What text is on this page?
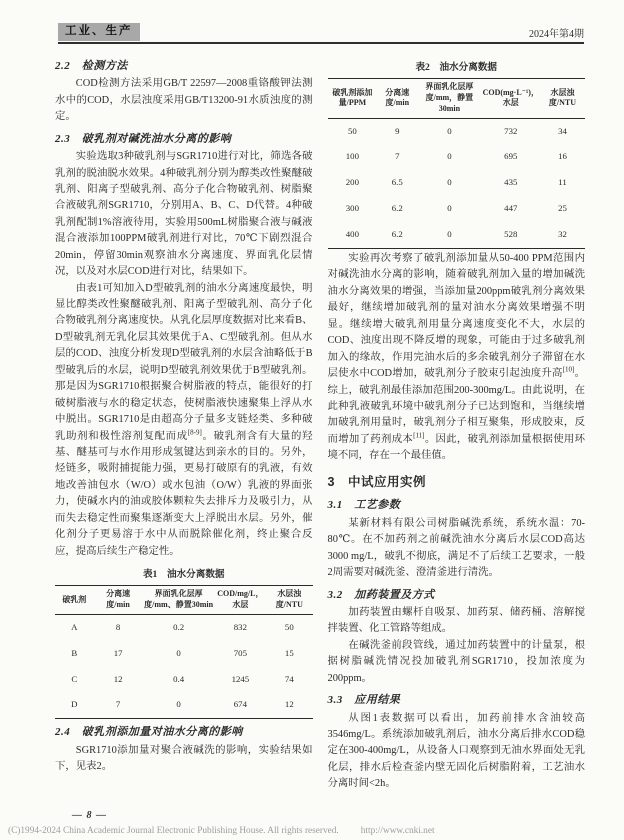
工业、生产	2024年第4期
2.2　检测方法

COD检测方法采用GB/T 22597—2008重铬酸钾法测水中的COD，水层浊度采用GB/T13200-91水质浊度的测定。

2.3　破乳剂对碱洗油水分离的影响

实验选取3种破乳剂与SGR1710进行对比，筛选各破乳剂的脱油脱水效果。4种破乳剂分别为醇类改性聚醚破乳剂、阳离子型破乳剂、高分子化合物破乳剂、树脂聚合液破乳剂SGR1710，分别用A、B、C、D代替。4种破乳剂配制1%溶液待用，实验用500mL树脂聚合液与碱液混合液添加100PPM破乳剂进行对比，70℃下剧烈混合20min，停留30min观察油水分离速度、界面乳化层情况，以及对水层COD进行对比，结果如下。

由表1可知加入D型破乳剂的油水分离速度最快，明显比醇类改性聚醚破乳剂、阳离子型破乳剂、高分子化合物破乳剂分离速度快。从乳化层厚度数据对比来看B、D型破乳剂无乳化层其效果优于A、C型破乳剂。但从水层的COD、浊度分析发现D型破乳剂的水层含油略低于B型破乳后的水层，说明D型破乳剂效果优于B型破乳剂。那是因为SGR1710根据聚合树脂液的特点，能很好的打破树脂液与水的稳定状态，使树脂液快速聚集上浮从水中脱出。SGR1710是由超高分子量多支链烃类、多种破乳助剂和极性溶剂复配而成[8-9]。破乳剂含有大量的羟基、醚基可与水作用形成氢键达到亲水的目的。另外，烃链多，吸附捕捉能力强，更易打破原有的乳液，有效地改善油包水（W/O）或水包油（O/W）乳液的界面张力，使碱水内的油或胶体颗粒失去排斥力及吸引力，从而失去稳定性而聚集逐渐变大上浮脱出水层。另外，催化剂分子更易溶于水中从而脱除催化剂，终止聚合反应，提高后续生产稳定性。

表1　油水分离数据
破乳剂	分离速度/min	界面乳化层厚度/mm、静置30min	COD/mg/L，水层	水层浊度/NTU
A	8	0.2	832	50
B	17	0	705	15
C	12	0.4	1245	74
D	7	0	674	12
2.4　破乳剂添加量对油水分离的影响

SGR1710添加量对聚合液碱洗的影响，实验结果如下，见表2。

表2　油水分离数据
破乳剂添加量/PPM	分离速度/min	界面乳化层厚度/mm，静置30min	COD(mg·L⁻¹)，水层	水层浊度/NTU
50	9	0	732	34
100	7	0	695	16
200	6.5	0	435	11
300	6.2	0	447	25
400	6.2	0	528	32

实验再次考察了破乳剂添加量从50-400 PPM范围内对碱洗油水分离的影响，随着破乳剂加入量的增加碱洗油水分离效果的增强，当添加量200ppm破乳剂分离效果最好，继续增加破乳剂的量对油水分离效果增强不明显。继续增大破乳剂用量分离速度变化不大，水层的COD、浊度出现不降反增的现象，可能由于过多破乳剂加入的缘故，作用完油水后的多余破乳剂分子滞留在水层使水中COD增加，破乳剂分子胶束引起浊度升高[10]。综上，破乳剂最佳添加范围200-300mg/L。由此说明，在此种乳液破乳环境中破乳剂分子已达到饱和，当继续增加破乳剂用量时，破乳剂分子相互聚集，形成胶束，反而增加了药剂成本[11]。因此，破乳剂添加量根据使用环境不同，存在一个最佳值。

3　中试应用实例
3.1　工艺参数

某新材料有限公司树脂碱洗系统，系统水温：70-80℃。在不加药剂之前碱洗油水分离后水层COD高达3000 mg/L，破乳不彻底，满足不了后续工艺要求，一般2周需要对碱洗釜、澄清釜进行清洗。

3.2　加药装置及方式

加药装置由螺杆自吸泵、加药泵、储药桶、溶解搅拌装置、化工管路等组成。

在碱洗釜前段管线，通过加药装置中的计量泵，根据树脂碱洗情况投加破乳剂SGR1710，投加浓度为200ppm。

3.3　应用结果

从图1表数据可以看出，加药前排水含油较高3546mg/L。系统添加破乳剂后，油水分离后排水COD稳定在300-400mg/L，从设备人口观察到无油水界面处无乳化层，排水后检查釜内壁无固化后树脂附着，工艺油水分离时间<2h。

— 8 —
(C)1994-2024 China Academic Journal Electronic Publishing House. All rights reserved. http://www.cnki.net
